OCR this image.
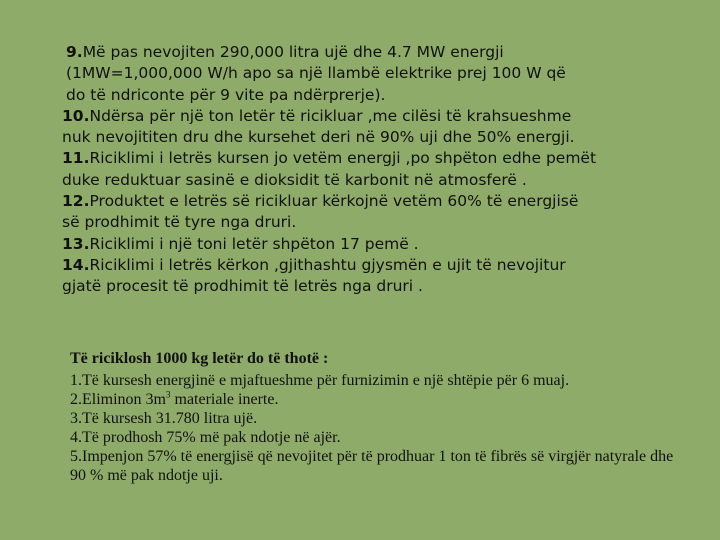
9.Më pas nevojiten 290,000 litra ujë dhe 4.7 MW energji
(1MW=1,000,000 W/h apo sa një llambë elektrike prej 100 W që
do të ndriconte për 9 vite pa ndërprerje).
10.Ndërsa për një ton letër të ricikluar ,me cilësi të krahsueshme
nuk nevojititen dru dhe kursehet deri në 90% uji dhe 50% energji.
11.Riciklimi i letrës kursen jo vetëm energji ,po shpëton edhe pemët
duke reduktuar sasinë e dioksidit të karbonit në atmosferë .
12.Produktet e letrës së ricikluar kërkojnë vetëm 60% të energjisë
së prodhimit të tyre nga druri.
13.Riciklimi i një toni letër shpëton 17 pemë .
14.Riciklimi i letrës kërkon ,gjithashtu gjysmën e ujit të nevojitur
gjatë procesit të prodhimit të letrës nga druri .
Të riciklosh 1000 kg letër do të thotë :
1.Të kursesh energjinë e mjaftueshme për furnizimin e një shtëpie për 6 muaj.
2.Eliminon $3m^3$ materiale inerte.
3.Të kursesh 31.780 litra ujë.
4.Të prodhosh 75% më pak ndotje në ajër.
5.Impenjon 57% të energjisë që nevojitet për të prodhuar 1 ton të fibrës së virgjër natyrale dhe 90 % më pak ndotje uji.
